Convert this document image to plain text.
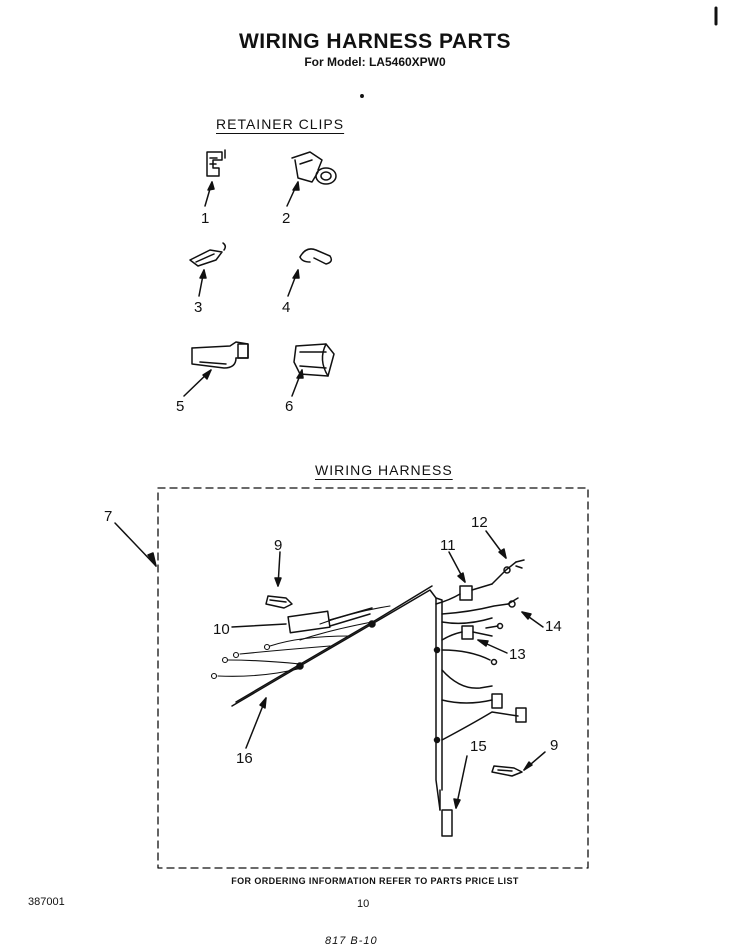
WIRING HARNESS PARTS
For Model: LA5460XPW0
RETAINER CLIPS
WIRING HARNESS
1	2
3	4
5	6
7
9
10
11
12
13
14
15
16
9
FOR ORDERING INFORMATION REFER TO PARTS PRICE LIST
387001	10
817 B-10
